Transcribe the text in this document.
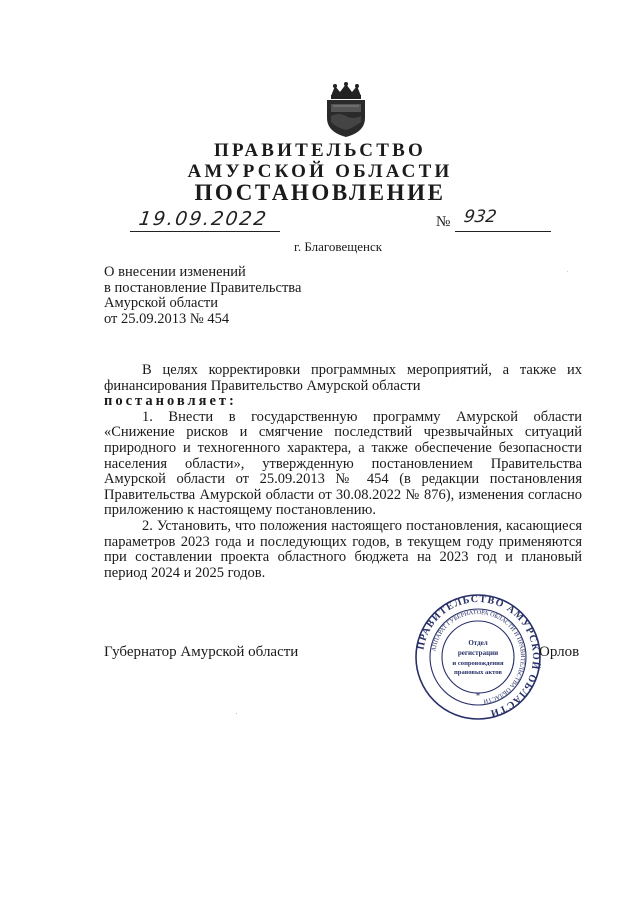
ПРАВИТЕЛЬСТВО
АМУРСКОЙ ОБЛАСТИ
ПОСТАНОВЛЕНИЕ
19.09.2022	№ 932
г. Благовещенск
О внесении изменений
в постановление Правительства
Амурской области
от 25.09.2013 № 454

В целях корректировки программных мероприятий, а также их финансирования Правительство Амурской области

постановляет:

1. Внести в государственную программу Амурской области «Снижение рисков и смягчение последствий чрезвычайных ситуаций природного и техногенного характера, а также обеспечение безопасности населения области», утвержденную постановлением Правительства Амурской области от 25.09.2013 № 454 (в редакции постановления Правительства Амурской области от 30.08.2022 № 876), изменения согласно приложению к настоящему постановлению.

2. Установить, что положения настоящего постановления, касающиеся параметров 2023 года и последующих годов, в текущем году применяются при составлении проекта областного бюджета на 2023 год и плановый период 2024 и 2025 годов.

Губернатор Амурской области	ПРАВИТЕЛЬСТВО АМУРСКОЙ ОБЛАСТИ
АППАРАТ ГУБЕРНАТОРА ОБЛАСТИ И ПРАВИТЕЛЬСТВА ОБЛАСТИ
Отдел
регистрации
и сопровождения
правовых актов
*
Орлов
